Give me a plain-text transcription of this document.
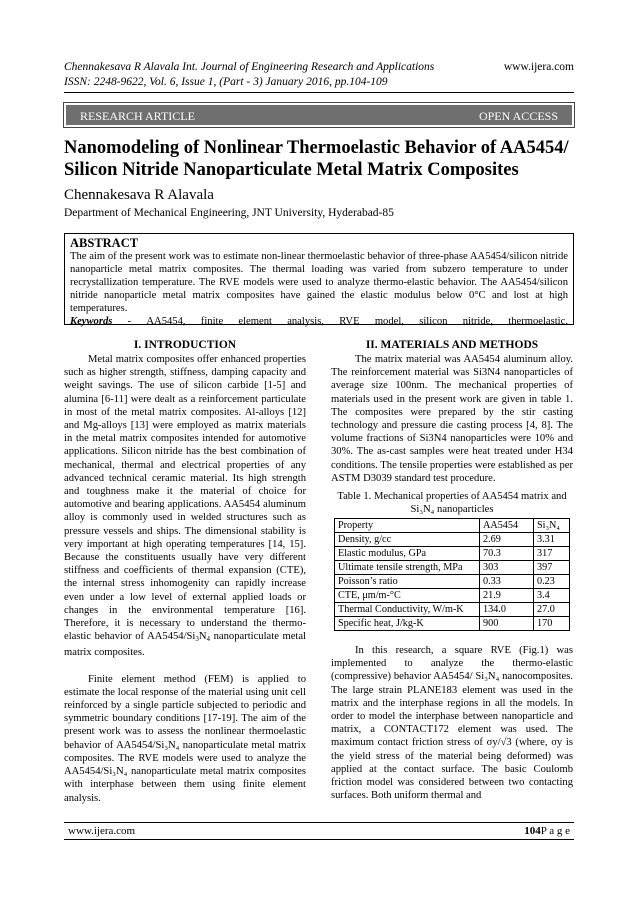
Chennakesava R Alavala Int. Journal of Engineering Research and Applications
ISSN: 2248-9622, Vol. 6, Issue 1, (Part - 3) January 2016, pp.104-109
www.ijera.com
RESEARCH ARTICLE	OPEN ACCESS
Nanomodeling of Nonlinear Thermoelastic Behavior of AA5454/ Silicon Nitride Nanoparticulate Metal Matrix Composites
Chennakesava R Alavala
Department of Mechanical Engineering, JNT University, Hyderabad-85
ABSTRACT
The aim of the present work was to estimate non-linear thermoelastic behavior of three-phase AA5454/silicon nitride nanoparticle metal matrix composites. The thermal loading was varied from subzero temperature to under recrystallization temperature. The RVE models were used to analyze thermo-elastic behavior. The AA5454/silicon nitride nanoparticle metal matrix composites have gained the elastic modulus below 0°C and lost at high temperatures.
Keywords - AA5454, finite element analysis, RVE model, silicon nitride, thermoelastic.

I. INTRODUCTION

Metal matrix composites offer enhanced properties such as higher strength, stiffness, damping capacity and weight savings. The use of silicon carbide [1-5] and alumina [6-11] were dealt as a reinforcement particulate in most of the metal matrix composites. Al-alloys [12] and Mg-alloys [13] were employed as matrix materials in the metal matrix composites intended for automotive applications. Silicon nitride has the best combination of mechanical, thermal and electrical properties of any advanced technical ceramic material. Its high strength and toughness make it the material of choice for automotive and bearing applications. AA5454 aluminum alloy is commonly used in welded structures such as pressure vessels and ships. The dimensional stability is very important at high operating temperatures [14, 15]. Because the constituents usually have very different stiffness and coefficients of thermal expansion (CTE), the internal stress inhomogenity can rapidly increase even under a low level of external applied loads or changes in the environmental temperature [16]. Therefore, it is necessary to understand the thermo-elastic behavior of $AA5454/Si_3N_4$ nanoparticulate metal matrix composites.

Finite element method (FEM) is applied to estimate the local response of the material using unit cell reinforced by a single particle subjected to periodic and symmetric boundary conditions [17-19]. The aim of the present work was to assess the nonlinear thermoelastic behavior of AA5454/Si₃N₄ nanoparticulate metal matrix composites. The RVE models were used to analyze the AA5454/Si₃N₄ nanoparticulate metal matrix composites with interphase between them using finite element analysis.

II. MATERIALS AND METHODS

The matrix material was AA5454 aluminum alloy. The reinforcement material was Si3N4 nanoparticles of average size 100nm. The mechanical properties of materials used in the present work are given in table 1. The composites were prepared by the stir casting technology and pressure die casting process [4, 8]. The volume fractions of Si3N4 nanoparticles were 10% and 30%. The as-cast samples were heat treated under H34 conditions. The tensile properties were established as per ASTM D3039 standard test procedure.

Table 1. Mechanical properties of AA5454 matrix and Si₃N₄ nanoparticles

Property	AA5454	Si₃N₄
Density, g/cc	2.69	3.31
Elastic modulus, GPa	70.3	317
Ultimate tensile strength, MPa	303	397
Poisson’s ratio	0.33	0.23
CTE, μm/m-°C	21.9	3.4
Thermal Conductivity, W/m-K	134.0	27.0
Specific heat, J/kg-K	900	170

In this research, a square RVE (Fig.1) was implemented to analyze the thermo-elastic (compressive) behavior AA5454/ Si₃N₄ nanocomposites. The large strain PLANE183 element was used in the matrix and the interphase regions in all the models. In order to model the interphase between nanoparticle and matrix, a CONTACT172 element was used. The maximum contact friction stress of σy/√3 (where, σy is the yield stress of the material being deformed) was applied at the contact surface. The basic Coulomb friction model was considered between two contacting surfaces. Both uniform thermal and

www.ijera.com	104P a g e
